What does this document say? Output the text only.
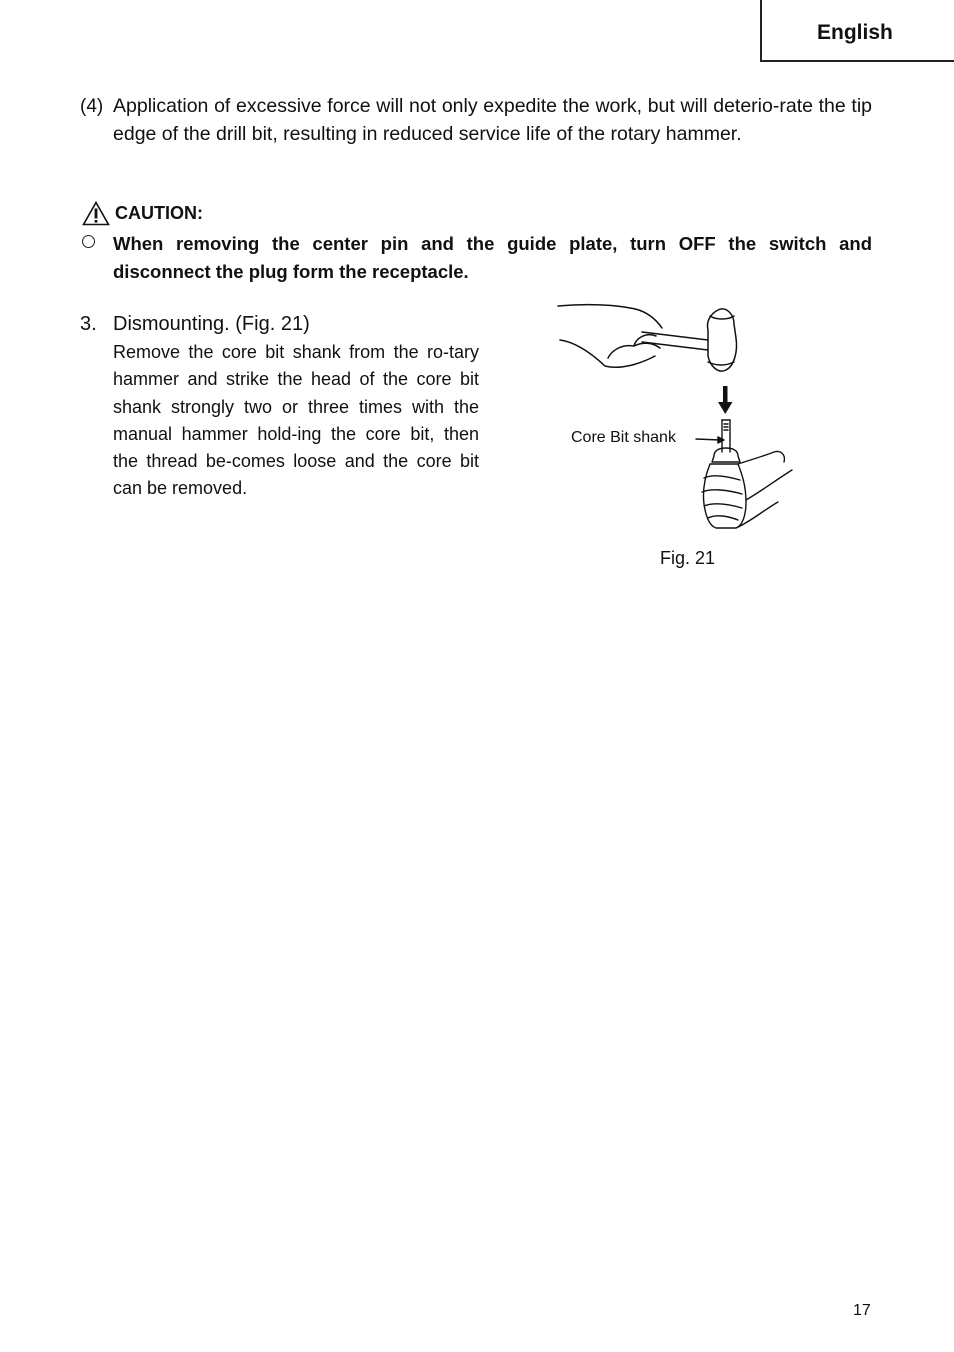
English
(4) Application of excessive force will not only expedite the work, but will deterio-rate the tip edge of the drill bit, resulting in reduced service life of the rotary hammer.

CAUTION:

When removing the center pin and the guide plate, turn OFF the switch and disconnect the plug form the receptacle.

3. Dismounting. (Fig. 21)

Remove the core bit shank from the ro-tary hammer and strike the head of the core bit shank strongly two or three times with the manual hammer hold-ing the core bit, then the thread be-comes loose and the core bit can be removed.

Core Bit shank
Fig. 21
17
